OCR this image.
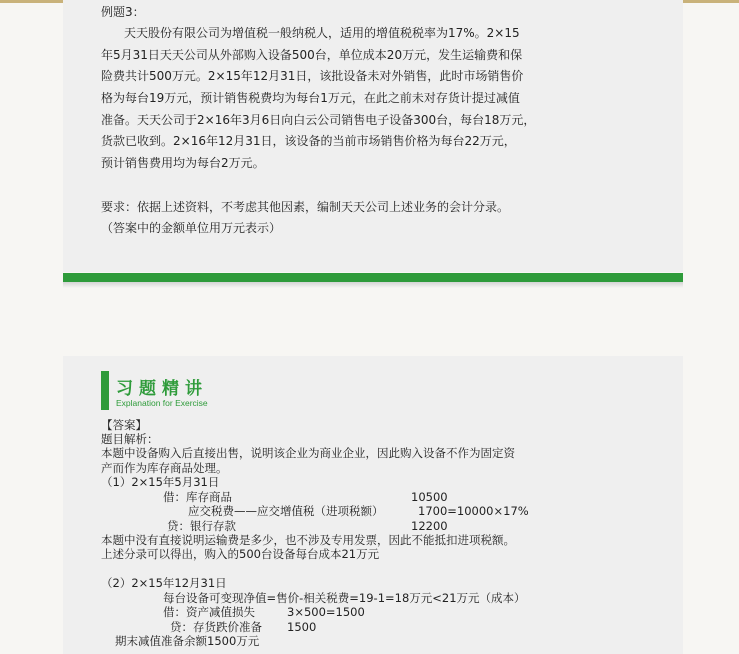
例题3：
天天股份有限公司为增值税一般纳税人，适用的增值税税率为17%。2×15
年5月31日天天公司从外部购入设备500台，单位成本20万元，发生运输费和保
险费共计500万元。2×15年12月31日，该批设备未对外销售，此时市场销售价
格为每台19万元，预计销售税费均为每台1万元，在此之前未对存货计提过减值
准备。天天公司于2×16年3月6日向白云公司销售电子设备300台，每台18万元，
货款已收到。2×16年12月31日，该设备的当前市场销售价格为每台22万元，
预计销售费用均为每台2万元。
要求：依据上述资料，不考虑其他因素，编制天天公司上述业务的会计分录。
（答案中的金额单位用万元表示）
习题精讲
Explanation for Exercise
【答案】
题目解析：
本题中设备购入后直接出售，说明该企业为商业企业，因此购入设备不作为固定资
产而作为库存商品处理。
（1）2×15年5月31日
借：库存商品	10500
应交税费——应交增值税（进项税额）	1700=10000×17%
贷：银行存款	12200
本题中没有直接说明运输费是多少，也不涉及专用发票，因此不能抵扣进项税额。
上述分录可以得出，购入的500台设备每台成本21万元
（2）2×15年12月31日
每台设备可变现净值=售价-相关税费=19-1=18万元<21万元（成本）
借：资产减值损失	3×500=1500
贷：存货跌价准备 1500
期末减值准备余额1500万元
